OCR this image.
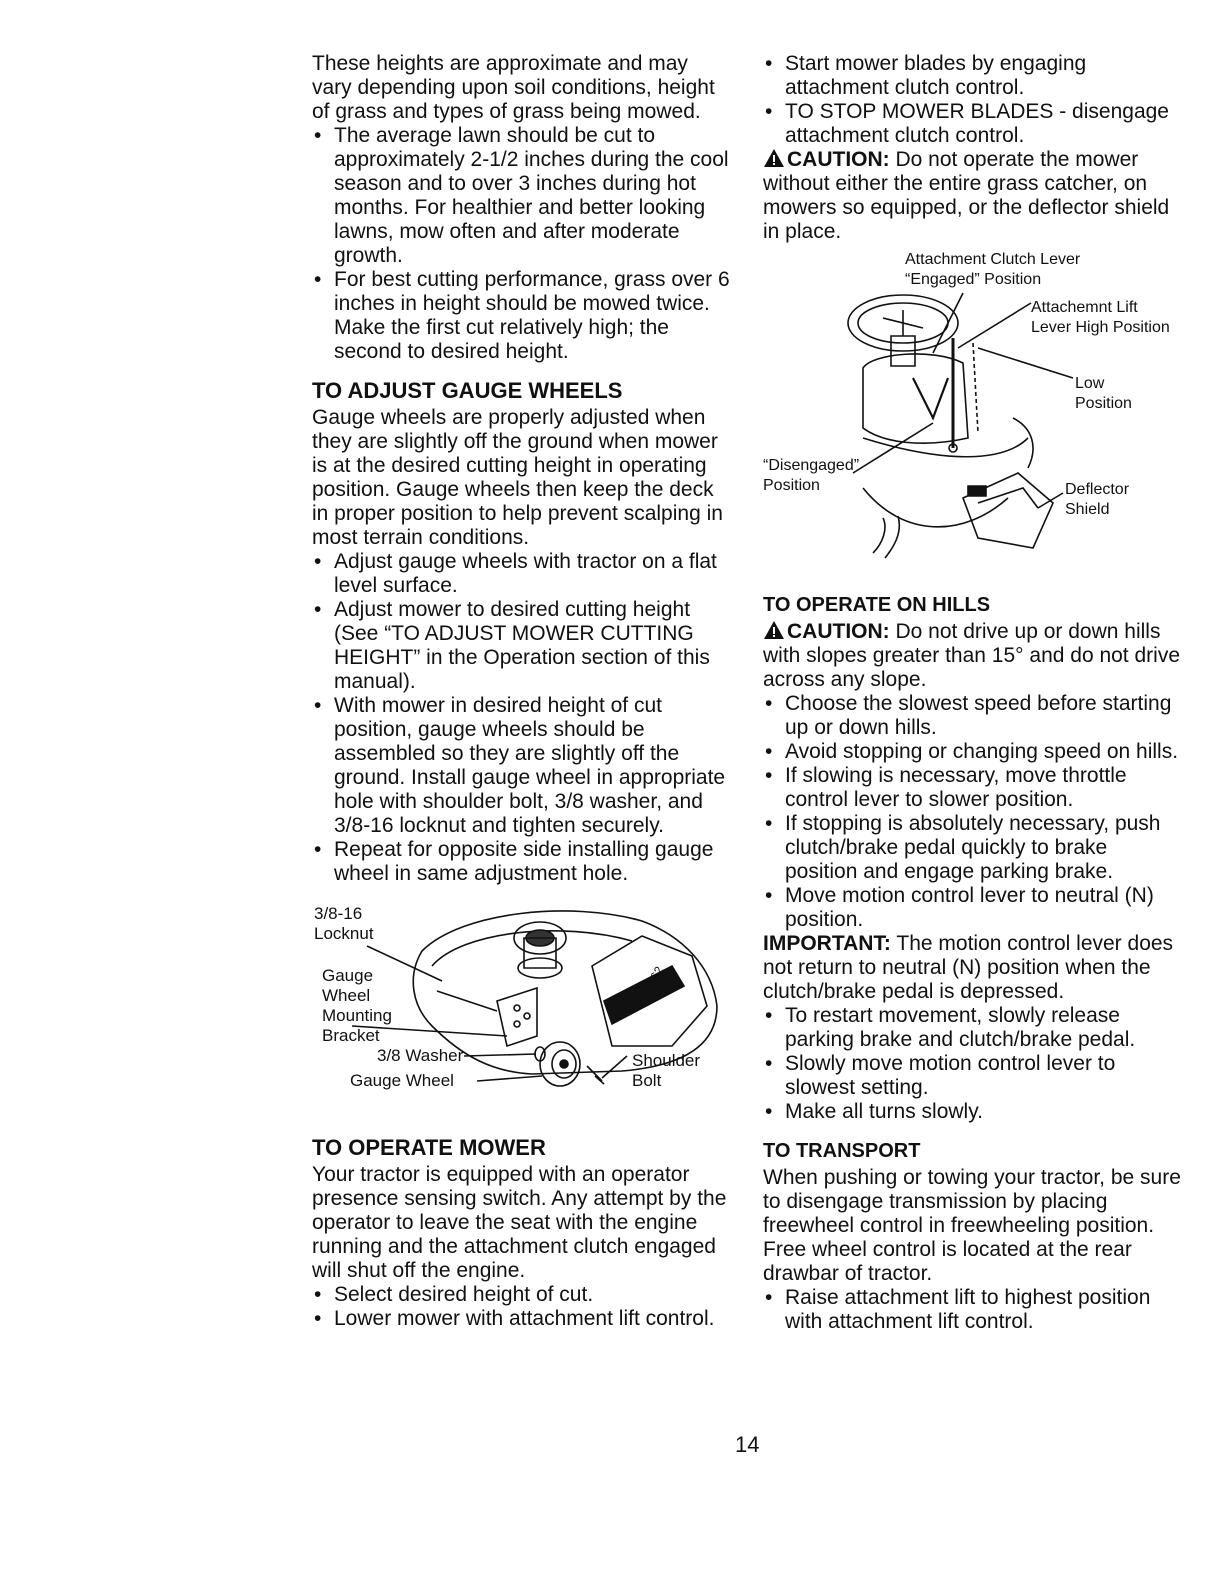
These heights are approximate and may vary depending upon soil conditions, height of grass and types of grass being mowed.

• The average lawn should be cut to approximately 2-1/2 inches during the cool season and to over 3 inches during hot months. For healthier and better looking lawns, mow often and after moderate growth.
• For best cutting performance, grass over 6 inches in height should be mowed twice. Make the first cut relatively high; the second to desired height.
TO ADJUST GAUGE WHEELS

Gauge wheels are properly adjusted when they are slightly off the ground when mower is at the desired cutting height in operating position. Gauge wheels then keep the deck in proper position to help prevent scalping in most terrain conditions.

• Adjust gauge wheels with tractor on a flat level surface.
• Adjust mower to desired cutting height (See “TO ADJUST MOWER CUTTING HEIGHT” in the Operation section of this manual).
• With mower in desired height of cut position, gauge wheels should be assembled so they are slightly off the ground. Install gauge wheel in appropriate hole with shoulder bolt, 3/8 washer, and 3/8-16 locknut and tighten securely.
• Repeat for opposite side installing gauge wheel in same adjustment hole.
62
3/8-16 Locknut
Gauge Wheel Mounting Bracket
3/8 Washer
Gauge Wheel
Shoulder Bolt
TO OPERATE MOWER

Your tractor is equipped with an operator presence sensing switch. Any attempt by the operator to leave the seat with the engine running and the attachment clutch engaged will shut off the engine.

• Select desired height of cut.
• Lower mower with attachment lift control.
• Start mower blades by engaging attachment clutch control.
• TO STOP MOWER BLADES - disengage attachment clutch control.

CAUTION: Do not operate the mower without either the entire grass catcher, on mowers so equipped, or the deflector shield in place.

Attachment Clutch Lever “Engaged” Position
Attachemnt Lift Lever High Position
Low Position
“Disengaged” Position	Deflector Shield
TO OPERATE ON HILLS

CAUTION: Do not drive up or down hills with slopes greater than 15° and do not drive across any slope.

• Choose the slowest speed before starting up or down hills.
• Avoid stopping or changing speed on hills.
• If slowing is necessary, move throttle control lever to slower position.
• If stopping is absolutely necessary, push clutch/brake pedal quickly to brake position and engage parking brake.
• Move motion control lever to neutral (N) position.

IMPORTANT: The motion control lever does not return to neutral (N) position when the clutch/brake pedal is depressed.

• To restart movement, slowly release parking brake and clutch/brake pedal.
• Slowly move motion control lever to slowest setting.
• Make all turns slowly.
TO TRANSPORT

When pushing or towing your tractor, be sure to disengage transmission by placing freewheel control in freewheeling position. Free wheel control is located at the rear drawbar of tractor.

• Raise attachment lift to highest position with attachment lift control.
14
